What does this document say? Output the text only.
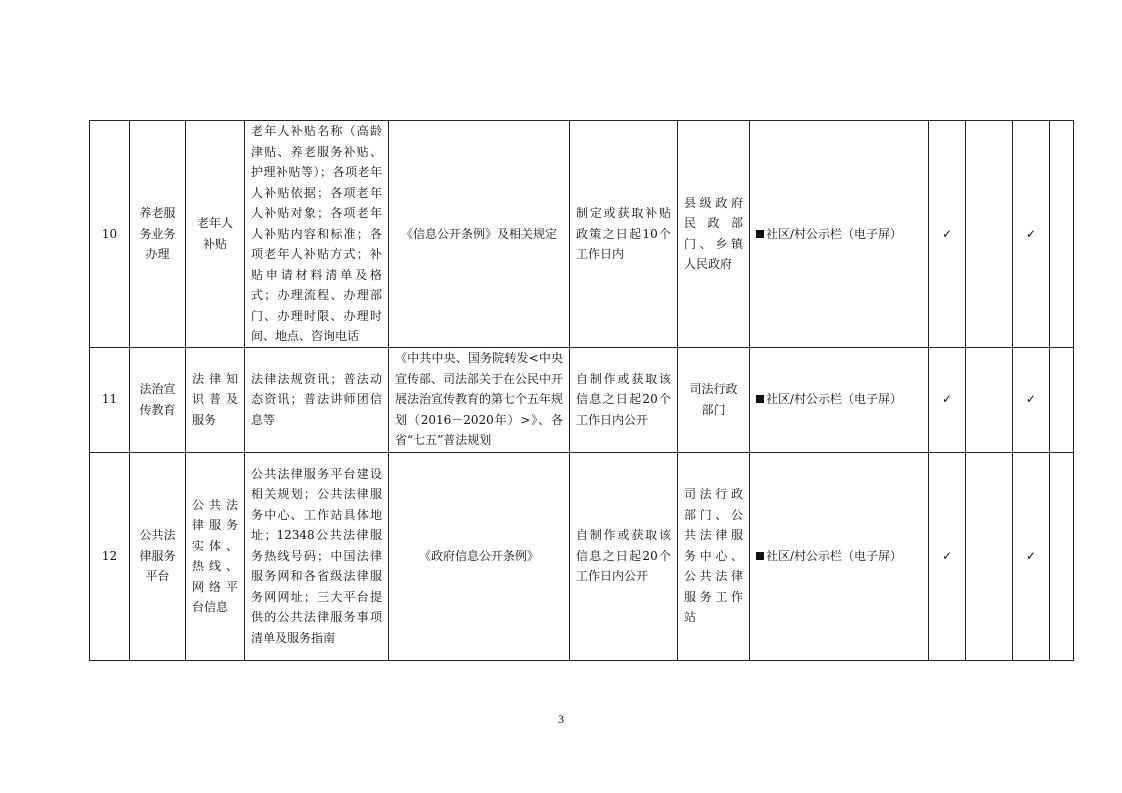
10	养老服务业务办理	老年人补贴	老年人补贴名称（高龄津贴、养老服务补贴、护理补贴等）；各项老年人补贴依据；各项老年人补贴对象；各项老年人补贴内容和标准；各项老年人补贴方式；补贴申请材料清单及格式；办理流程、办理部门、办理时限、办理时间、地点、咨询电话	《信息公开条例》及相关规定	制定或获取补贴政策之日起10个工作日内	县级政府民政部门、乡镇人民政府	社区/村公示栏（电子屏）	✓		✓	
11	法治宣传教育	法律知识普及服务	法律法规资讯；普法动态资讯；普法讲师团信息等	《中共中央、国务院转发<中央宣传部、司法部关于在公民中开展法治宣传教育的第七个五年规划（2016－2020年）>》、各省“七五”普法规划	自制作或获取该信息之日起20个工作日内公开	司法行政部门	社区/村公示栏（电子屏）	✓		✓	
12	公共法律服务平台	公共法律服务实体、热线、网络平台信息	公共法律服务平台建设相关规划；公共法律服务中心、工作站具体地址；12348公共法律服务热线号码；中国法律服务网和各省级法律服务网网址；三大平台提供的公共法律服务事项清单及服务指南	《政府信息公开条例》	自制作或获取该信息之日起20个工作日内公开	司法行政部门、公共法律服务中心、公共法律服务工作站	社区/村公示栏（电子屏）	✓		✓	
3
